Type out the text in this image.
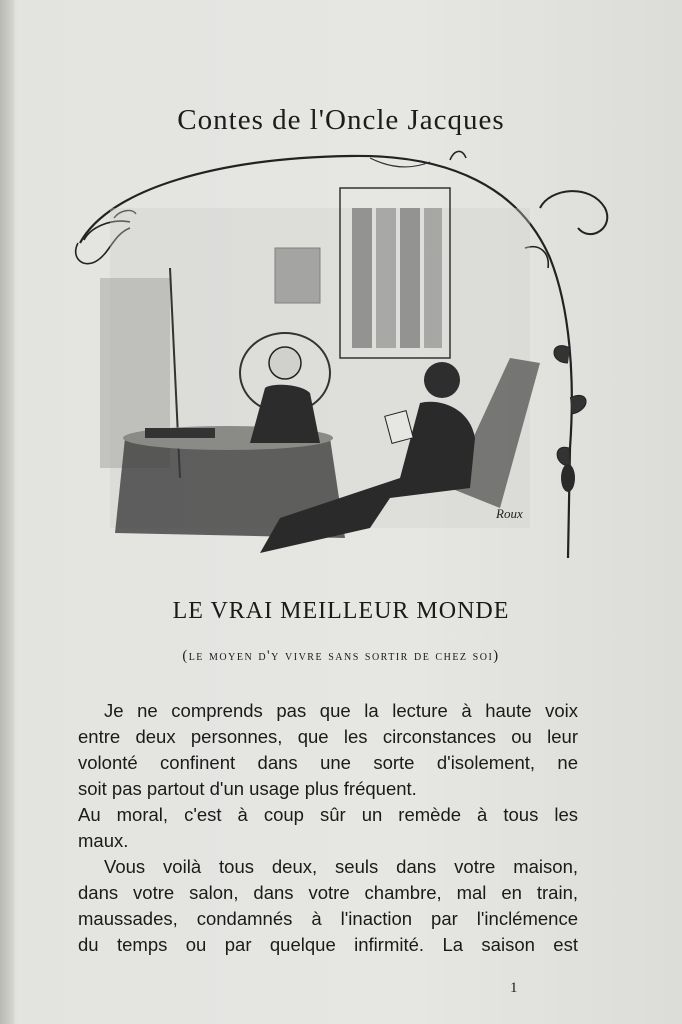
Contes de l'Oncle Jacques
Roux
LE VRAI MEILLEUR MONDE
(le moyen d'y vivre sans sortir de chez soi)
Je ne comprends pas que la lecture à haute voix
entre deux personnes, que les circonstances ou leur
volonté confinent dans une sorte d'isolement, ne
soit pas partout d'un usage plus fréquent.
Au moral, c'est à coup sûr un remède à tous les
maux.
Vous voilà tous deux, seuls dans votre maison,
dans votre salon, dans votre chambre, mal en train,
maussades, condamnés à l'inaction par l'inclémence
du temps ou par quelque infirmité. La saison est
1
